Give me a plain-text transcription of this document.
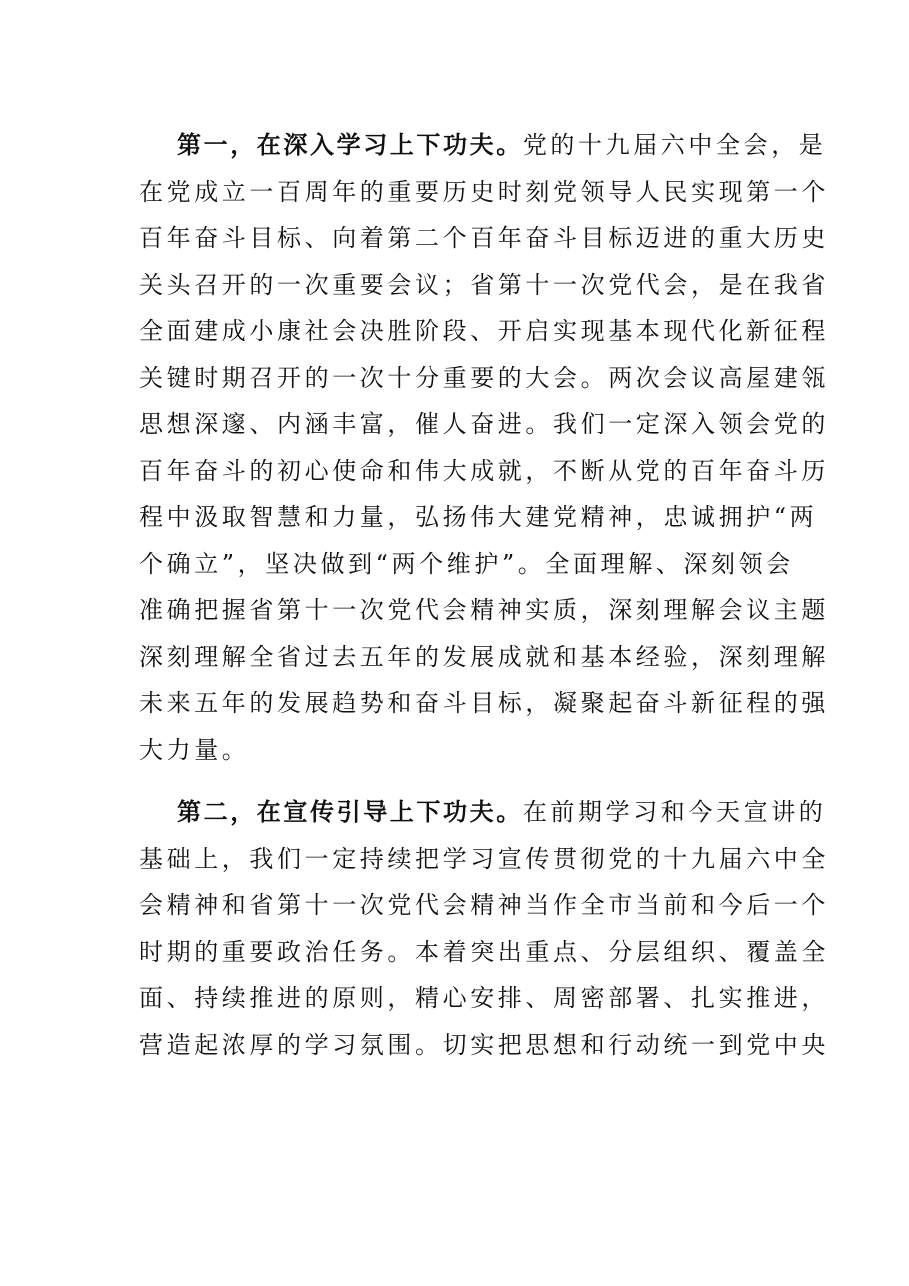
第一，在深入学习上下功夫。党的十九届六中全会，是
在党成立一百周年的重要历史时刻党领导人民实现第一个
百年奋斗目标、向着第二个百年奋斗目标迈进的重大历史
关头召开的一次重要会议；省第十一次党代会，是在我省
全面建成小康社会决胜阶段、开启实现基本现代化新征程
关键时期召开的一次十分重要的大会。两次会议高屋建瓴
思想深邃、内涵丰富，催人奋进。我们一定深入领会党的
百年奋斗的初心使命和伟大成就，不断从党的百年奋斗历
程中汲取智慧和力量，弘扬伟大建党精神，忠诚拥护“两
个确立”，坚决做到“两个维护”。全面理解、深刻领会
准确把握省第十一次党代会精神实质，深刻理解会议主题
深刻理解全省过去五年的发展成就和基本经验，深刻理解
未来五年的发展趋势和奋斗目标，凝聚起奋斗新征程的强
大力量。

第二，在宣传引导上下功夫。在前期学习和今天宣讲的
基础上，我们一定持续把学习宣传贯彻党的十九届六中全
会精神和省第十一次党代会精神当作全市当前和今后一个
时期的重要政治任务。本着突出重点、分层组织、覆盖全
面、持续推进的原则，精心安排、周密部署、扎实推进，
营造起浓厚的学习氛围。切实把思想和行动统一到党中央
